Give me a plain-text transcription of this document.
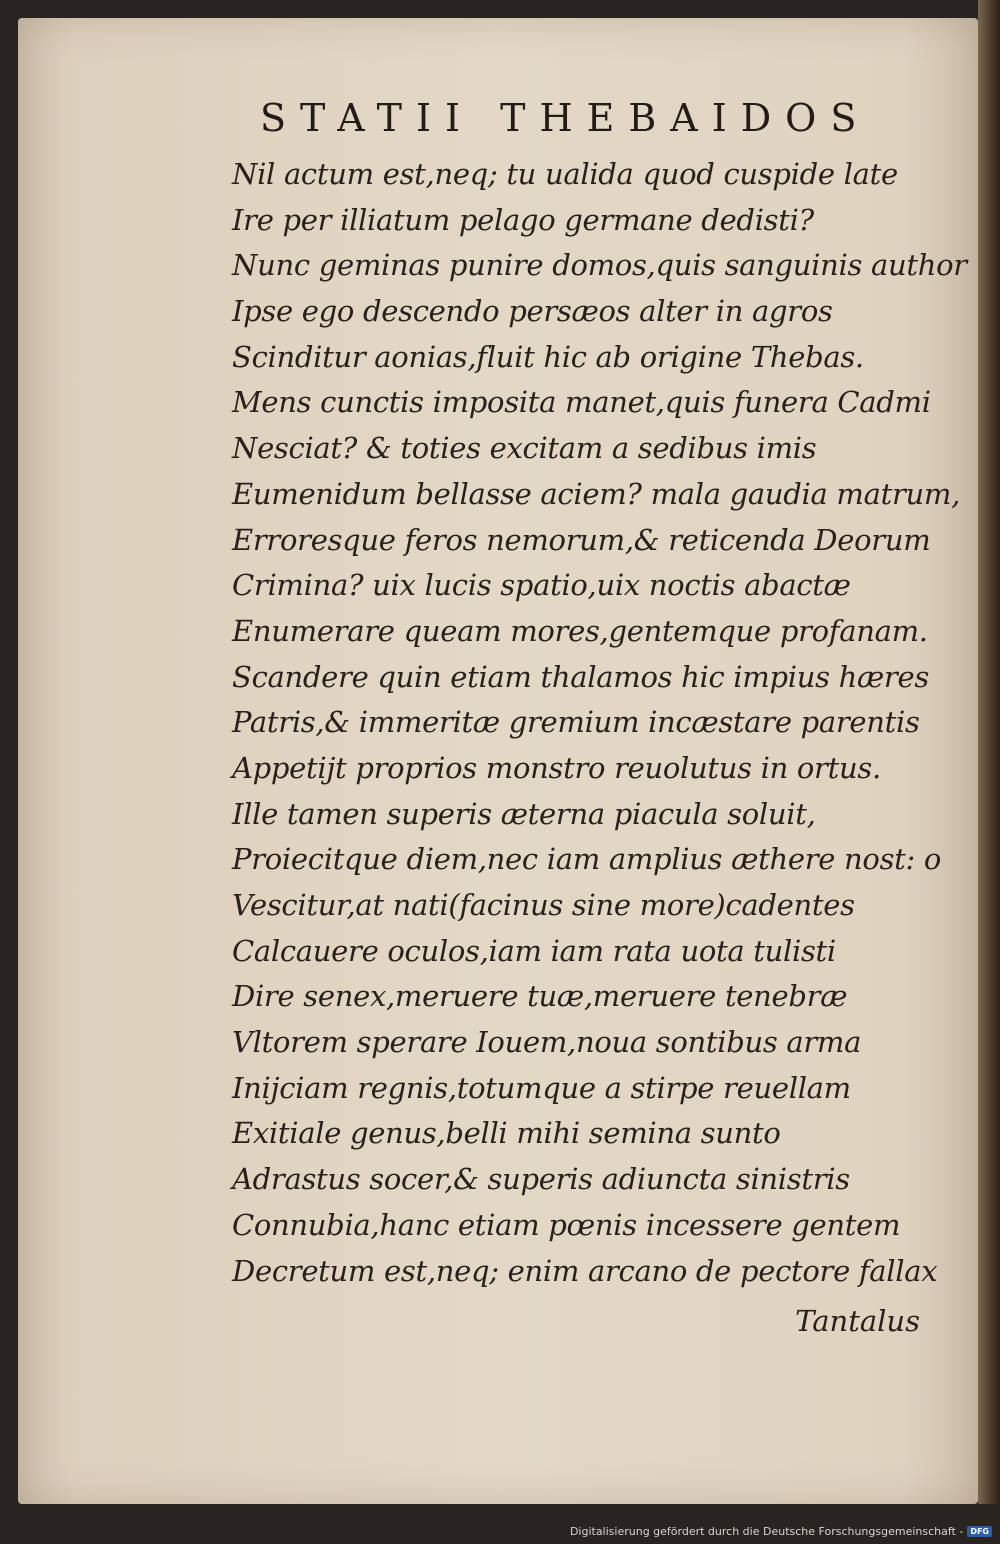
STATII THEBAIDOS
Nil actum est,neq; tu ualida quod cuspide late
Ire per illiatum pelago germane dedisti?
Nunc geminas punire domos,quis sanguinis author
Ipse ego descendo persæos alter in agros
Scinditur aonias,fluit hic ab origine Thebas.
Mens cunctis imposita manet,quis funera Cadmi
Nesciat? & toties excitam a sedibus imis
Eumenidum bellasse aciem? mala gaudia matrum,
Erroresque feros nemorum,& reticenda Deorum
Crimina? uix lucis spatio,uix noctis abactæ
Enumerare queam mores,gentemque profanam.
Scandere quin etiam thalamos hic impius hæres
Patris,& immeritæ gremium incæstare parentis
Appetijt proprios monstro reuolutus in ortus.
Ille tamen superis æterna piacula soluit,
Proiecitque diem,nec iam amplius æthere nost: o
Vescitur,at nati(facinus sine more)cadentes
Calcauere oculos,iam iam rata uota tulisti
Dire senex,meruere tuæ,meruere tenebræ
Vltorem sperare Iouem,noua sontibus arma
Inijciam regnis,totumque a stirpe reuellam
Exitiale genus,belli mihi semina sunto
Adrastus socer,& superis adiuncta sinistris
Connubia,hanc etiam pœnis incessere gentem
Decretum est,neq; enim arcano de pectore fallax
Tantalus
Digitalisierung gefördert durch die Deutsche Forschungsgemeinschaft - DFG
